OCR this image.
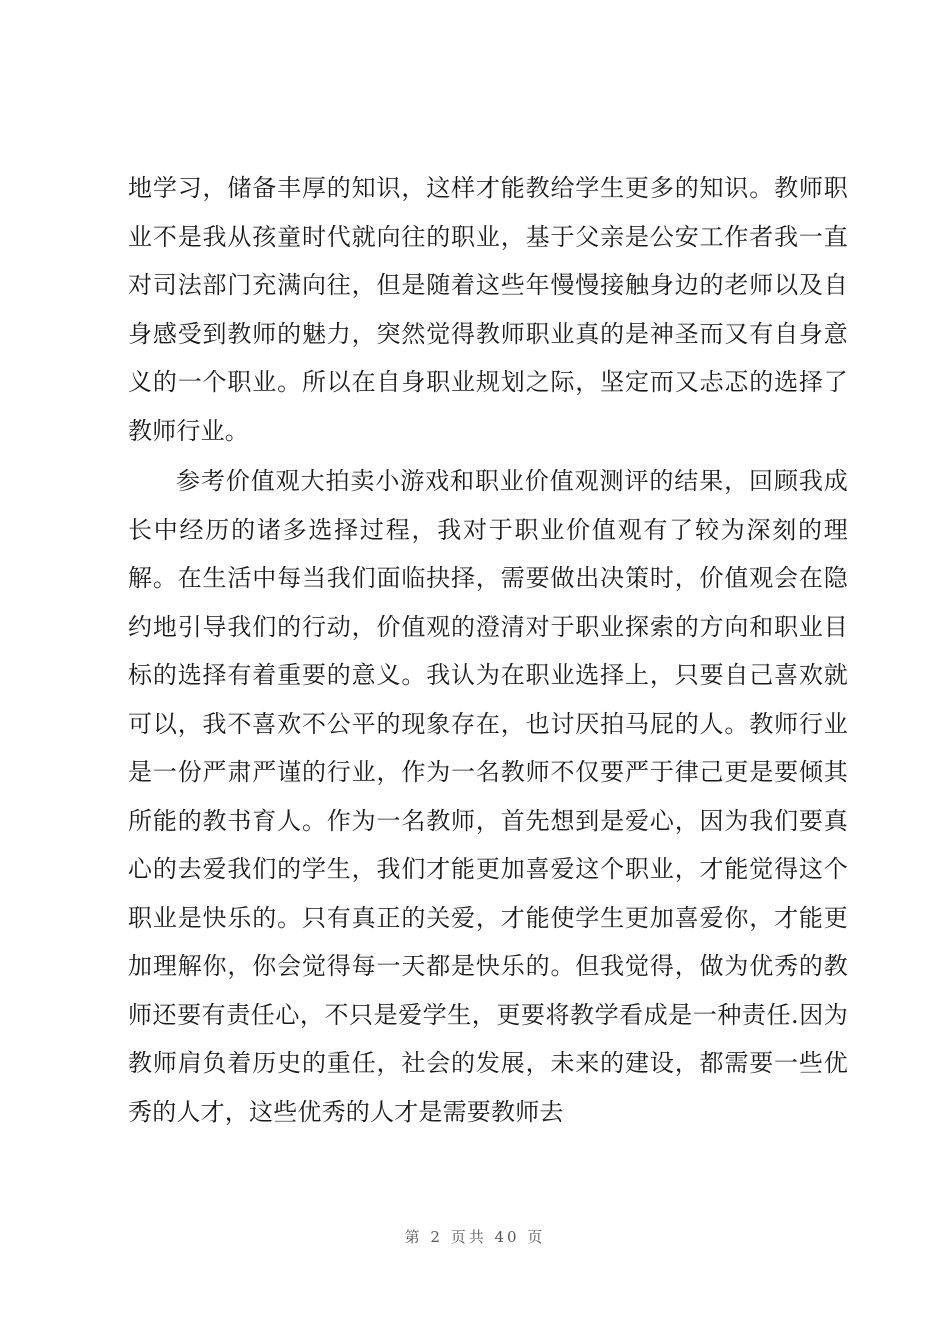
地学习，储备丰厚的知识，这样才能教给学生更多的知识。教师职业不是我从孩童时代就向往的职业，基于父亲是公安工作者我一直对司法部门充满向往，但是随着这些年慢慢接触身边的老师以及自身感受到教师的魅力，突然觉得教师职业真的是神圣而又有自身意义的一个职业。所以在自身职业规划之际，坚定而又忐忑的选择了教师行业。

参考价值观大拍卖小游戏和职业价值观测评的结果，回顾我成长中经历的诸多选择过程，我对于职业价值观有了较为深刻的理解。在生活中每当我们面临抉择，需要做出决策时，价值观会在隐约地引导我们的行动，价值观的澄清对于职业探索的方向和职业目标的选择有着重要的意义。我认为在职业选择上，只要自己喜欢就可以，我不喜欢不公平的现象存在，也讨厌拍马屁的人。教师行业是一份严肃严谨的行业，作为一名教师不仅要严于律己更是要倾其所能的教书育人。作为一名教师，首先想到是爱心，因为我们要真心的去爱我们的学生，我们才能更加喜爱这个职业，才能觉得这个职业是快乐的。只有真正的关爱，才能使学生更加喜爱你，才能更加理解你，你会觉得每一天都是快乐的。但我觉得，做为优秀的教师还要有责任心，不只是爱学生，更要将教学看成是一种责任.因为教师肩负着历史的重任，社会的发展，未来的建设，都需要一些优秀的人才，这些优秀的人才是需要教师去

第 2 页共 40 页
